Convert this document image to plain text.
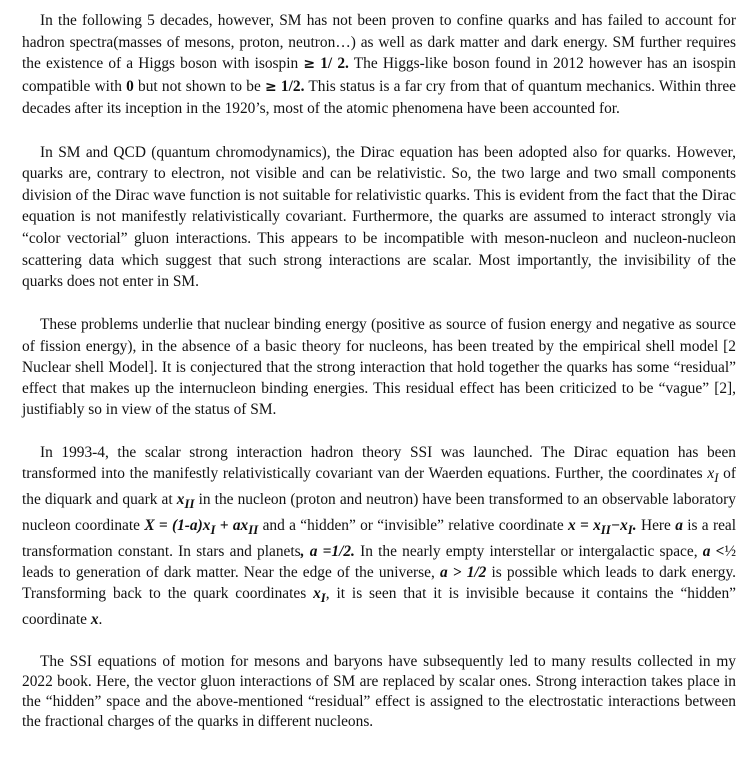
In the following 5 decades, however, SM has not been proven to confine quarks and has failed to account for hadron spectra(masses of mesons, proton, neutron…) as well as dark matter and dark energy. SM further requires the existence of a Higgs boson with isospin ≥ 1/ 2. The Higgs-like boson found in 2012 however has an isospin compatible with 0 but not shown to be ≥ 1/2. This status is a far cry from that of quantum mechanics. Within three decades after its inception in the 1920’s, most of the atomic phenomena have been accounted for.

In SM and QCD (quantum chromodynamics), the Dirac equation has been adopted also for quarks. However, quarks are, contrary to electron, not visible and can be relativistic. So, the two large and two small components division of the Dirac wave function is not suitable for relativistic quarks. This is evident from the fact that the Dirac equation is not manifestly relativistically covariant. Furthermore, the quarks are assumed to interact strongly via “color vectorial” gluon interactions. This appears to be incompatible with meson-nucleon and nucleon-nucleon scattering data which suggest that such strong interactions are scalar. Most importantly, the invisibility of the quarks does not enter in SM.

These problems underlie that nuclear binding energy (positive as source of fusion energy and negative as source of fission energy), in the absence of a basic theory for nucleons, has been treated by the empirical shell model [2 Nuclear shell Model]. It is conjectured that the strong interaction that hold together the quarks has some “residual” effect that makes up the internucleon binding energies. This residual effect has been criticized to be “vague” [2], justifiably so in view of the status of SM.

In 1993-4, the scalar strong interaction hadron theory SSI was launched. The Dirac equation has been transformed into the manifestly relativistically covariant van der Waerden equations. Further, the coordinates $x_I$ of the diquark and quark at $x_{II}$ in the nucleon (proton and neutron) have been transformed to an observable laboratory nucleon coordinate $X = (1-a)x_I + ax_{II}$ and a “hidden” or “invisible” relative coordinate $x = x_{II}-x_I$. Here a is a real transformation constant. In stars and planets, a =1/2. In the nearly empty interstellar or intergalactic space, a <½ leads to generation of dark matter. Near the edge of the universe, a > 1/2 is possible which leads to dark energy. Transforming back to the quark coordinates $x_I$, it is seen that it is invisible because it contains the “hidden” coordinate x.

The SSI equations of motion for mesons and baryons have subsequently led to many results collected in my 2022 book. Here, the vector gluon interactions of SM are replaced by scalar ones. Strong interaction takes place in the “hidden” space and the above-mentioned “residual” effect is assigned to the electrostatic interactions between the fractional charges of the quarks in different nucleons.
